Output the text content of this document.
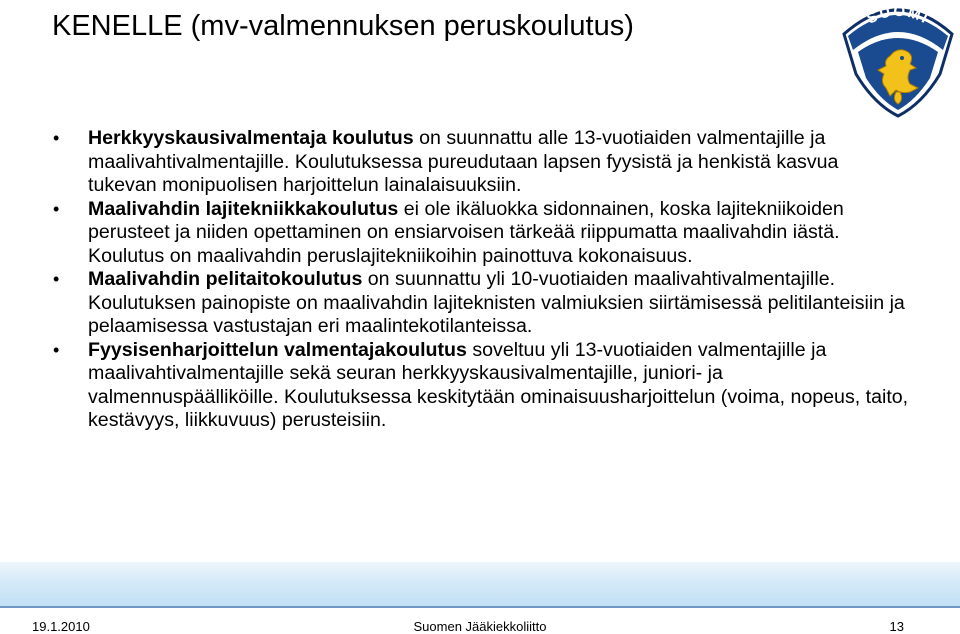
KENELLE (mv-valmennuksen peruskoulutus)	SUOMI
• Herkkyyskausivalmentaja koulutus on suunnattu alle 13-vuotiaiden valmentajille ja maalivahtivalmentajille. Koulutuksessa pureudutaan lapsen fyysistä ja henkistä kasvua tukevan monipuolisen harjoittelun lainalaisuuksiin.
• Maalivahdin lajitekniikkakoulutus ei ole ikäluokka sidonnainen, koska lajitekniikoiden perusteet ja niiden opettaminen on ensiarvoisen tärkeää riippumatta maalivahdin iästä. Koulutus on maalivahdin peruslajitekniikoihin painottuva kokonaisuus.
• Maalivahdin pelitaitokoulutus on suunnattu yli 10-vuotiaiden maalivahtivalmentajille. Koulutuksen painopiste on maalivahdin lajiteknisten valmiuksien siirtämisessä pelitilanteisiin ja pelaamisessa vastustajan eri maalintekotilanteissa.
• Fyysisenharjoittelun valmentajakoulutus soveltuu yli 13-vuotiaiden valmentajille ja maalivahtivalmentajille sekä seuran herkkyyskausivalmentajille, juniori- ja valmennuspäälliköille. Koulutuksessa keskitytään ominaisuusharjoittelun (voima, nopeus, taito, kestävyys, liikkuvuus) perusteisiin.
Suomen Jääkiekkoliitto
19.1.2010	13
